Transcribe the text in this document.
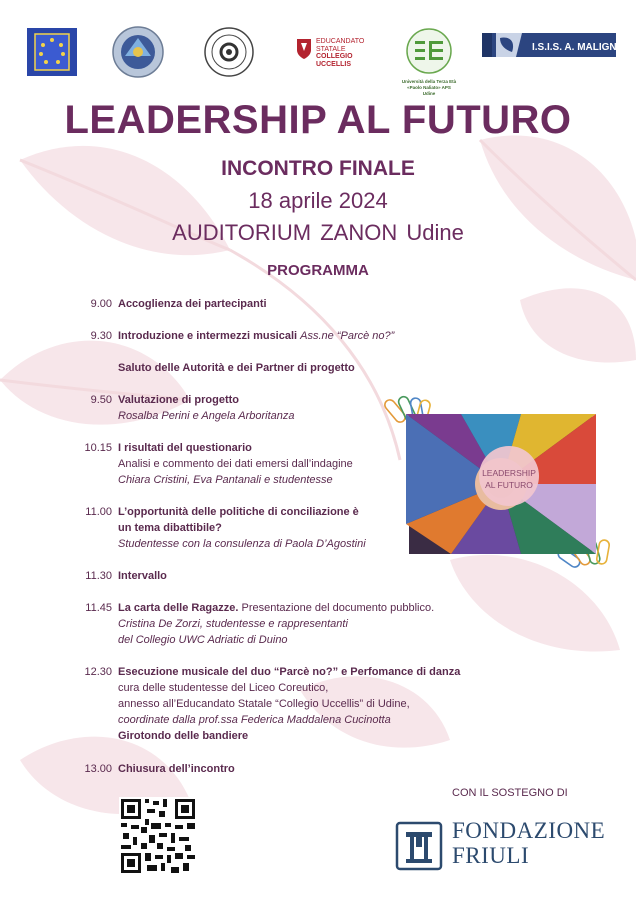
EDUCANDATO
STATALE
COLLEGIO
UCCELLIS
Università della Terza Età
«Paolo Naliato» APS
Udine
I.S.I.S. A. MALIGNANI
LEADERSHIP AL FUTURO
INCONTRO FINALE
18 aprile 2024
AUDITORIUM ZANON Udine
PROGRAMMA
9.00 Accoglienza dei partecipanti
9.30 Introduzione e intermezzi musicali Ass.ne “Parcè no?”
Saluto delle Autorità e dei Partner di progetto
9.50 Valutazione di progetto
Rosalba Perini e Angela Arboritanza
10.15 I risultati del questionario
Analisi e commento dei dati emersi dall’indagine
Chiara Cristini, Eva Pantanali e studentesse
11.00 L’opportunità delle politiche di conciliazione è
un tema dibattibile?
Studentesse con la consulenza di Paola D’Agostini
11.30 Intervallo
11.45 La carta delle Ragazze. Presentazione del documento pubblico.
Cristina De Zorzi, studentesse e rappresentanti
del Collegio UWC Adriatic di Duino
12.30 Esecuzione musicale del duo “Parcè no?” e Perfomance di danza
cura delle studentesse del Liceo Coreutico,
annesso all’Educandato Statale “Collegio Uccellis” di Udine,
coordinate dalla prof.ssa Federica Maddalena Cucinotta
Girotondo delle bandiere
13.00 Chiusura dell’incontro
LEADERSHIP
AL FUTURO
CON IL SOSTEGNO DI
FONDAZIONE
FRIULI
